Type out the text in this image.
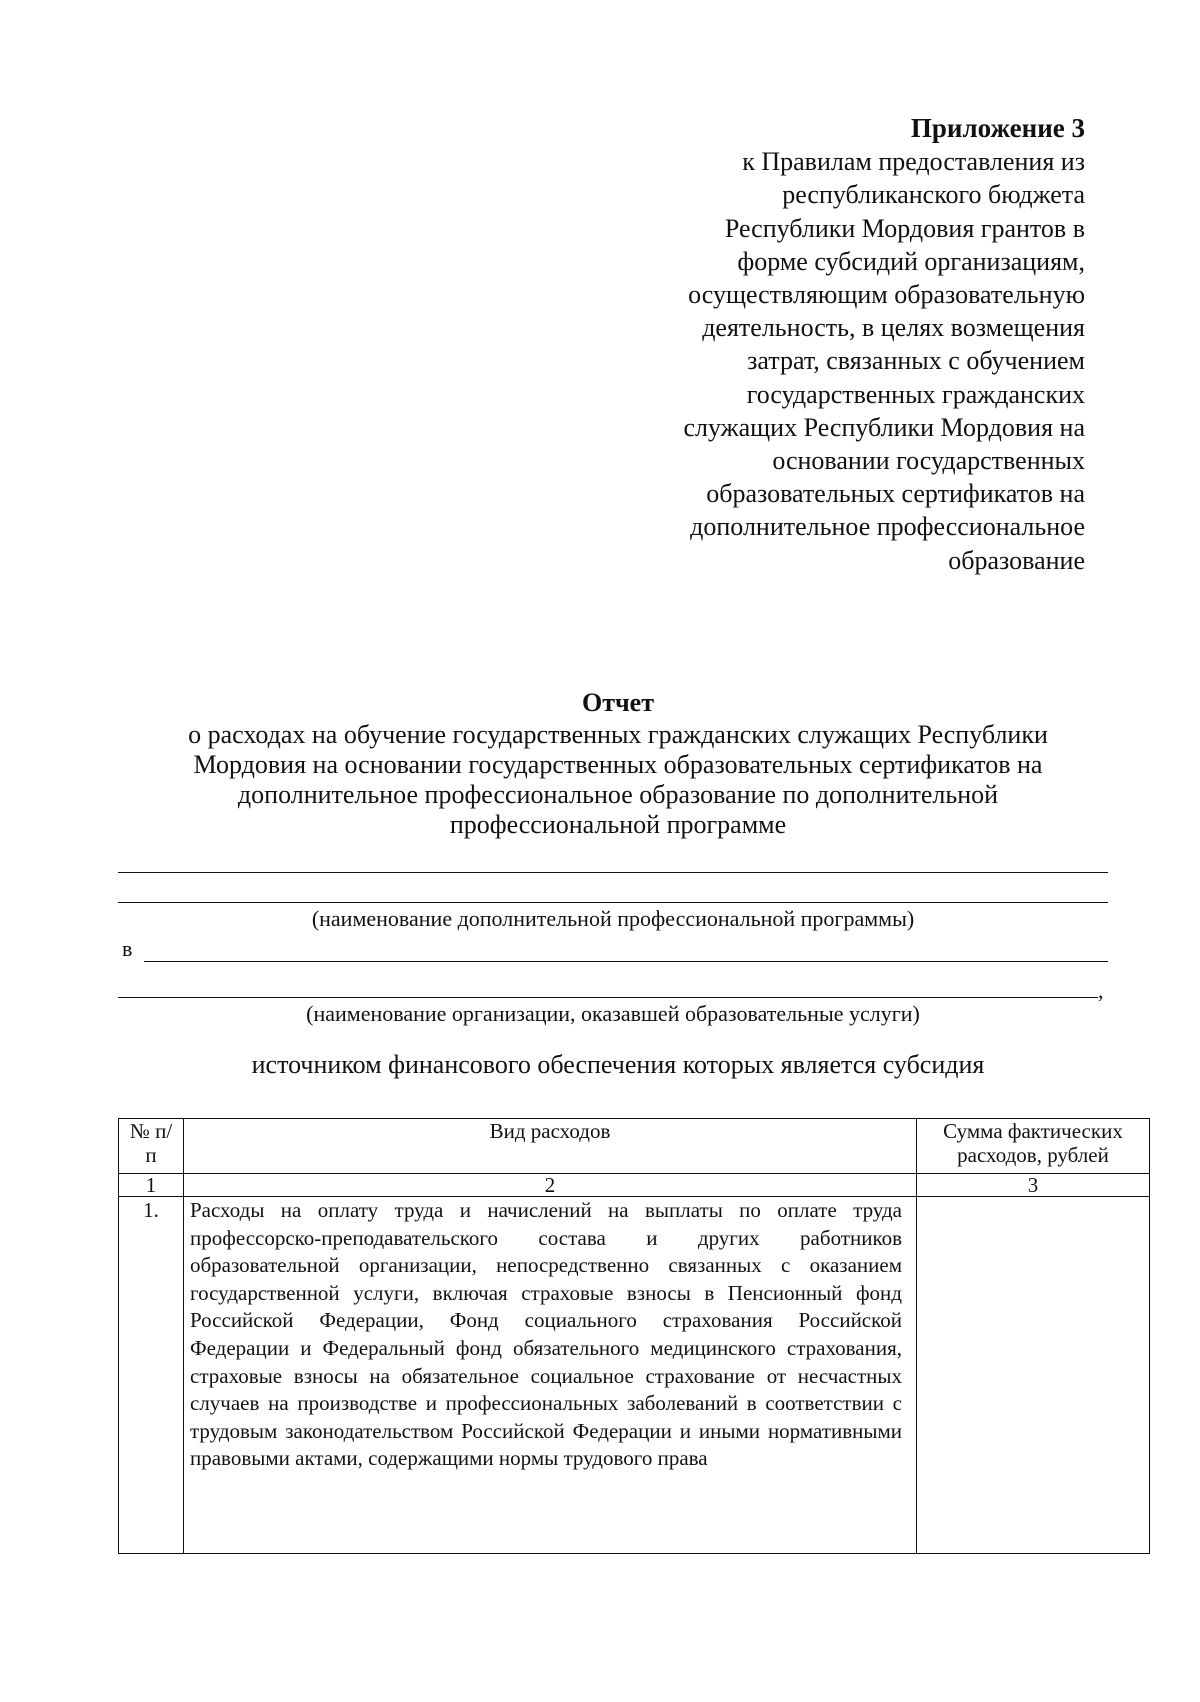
Приложение 3
к Правилам предоставления из
республиканского бюджета
Республики Мордовия грантов в
форме субсидий организациям,
осуществляющим образовательную
деятельность, в целях возмещения
затрат, связанных с обучением
государственных гражданских
служащих Республики Мордовия на
основании государственных
образовательных сертификатов на
дополнительное профессиональное
образование
Отчет
о расходах на обучение государственных гражданских служащих Республики
Мордовия на основании государственных образовательных сертификатов на
дополнительное профессиональное образование по дополнительной
профессиональной программе
(наименование дополнительной профессиональной программы)
в
,
(наименование организации, оказавшей образовательные услуги)
источником финансового обеспечения которых является субсидия
№ п/п	Вид расходов	Сумма фактических расходов, рублей
1	2	3
1.	Расходы на оплату труда и начислений на выплаты по оплате труда профессорско-преподавательского состава и других работников образовательной организации, непосредственно связанных с оказанием государственной услуги, включая страховые взносы в Пенсионный фонд Российской Федерации, Фонд социального страхования Российской Федерации и Федеральный фонд обязательного медицинского страхования, страховые взносы на обязательное социальное страхование от несчастных случаев на производстве и профессиональных заболеваний в соответствии с трудовым законодательством Российской Федерации и иными нормативными правовыми актами, содержащими нормы трудового права	
